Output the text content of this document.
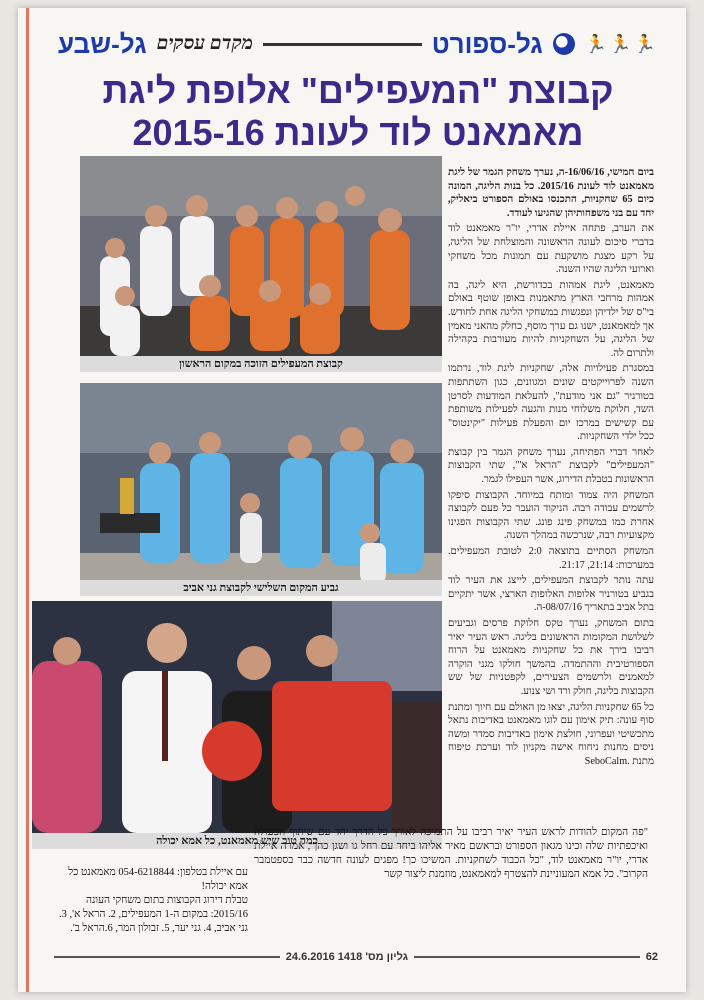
גל-שבע מקדם עסקים	גל-ספורט 🏃🏃🏃
קבוצת "המעפילים" אלופת ליגת
מאמאנט לוד לעונת 2015-16
קבוצת המעפילים הזוכה במקום הראשון
גביע המקום השלישי לקבוצת גני אביב
כמה טוב שיש מאמאנט, כל אמא יכולה

ביום חמישי, 16/06/16-ה, נערך משחק הגמר של ליגת מאמאנט לוד לעונת 2015/16. כל בנות הליגה, המונה כיום 65 שחקניות, התכנסו באולם הספורט ביאליק, יחד עם בני משפחותיהן שהגיעו לעודד.

את הערב, פתחה איילת אדרי, יו"ר מאמאנט לוד בדברי סיכום לעונה הראשונה והמוצלחת של הליגה, על רקע מצגת מושקעת עם תמונות מכל משחקי וארועי הליגה שהיו השנה.

מאמאנט, ליגת אמהות בכדורשת, היא ליגה, בה אמהות מרחבי הארץ מתאמנות באופן שוטף באולם בי"ס של ילדיהן ונפגשות במשחקי הליגה אחת לחודש. אך למאמאנט, ישנו גם ערך מוסף, כחלק מהאני מאמין של הליגה, על השחקניות להיות מעורבות בקהילה ולתרום לה.

במסגרת פעילויות אלה, שחקניות ליגת לוד, נרתמו השנה לפרוייקטים שונים ומגוונים, כגון השתתפות בטורניר "גם אני מודעת", להעלאת המודעות לסרטן השד, חלוקת משלוחי מנות והגעה לפעילות משותפת עם קשישים במרכז יום והפעלת פעילות "יקינטוס" ככל ילדי השחקניות.

לאחר דברי הפתיחה, נערך משחק הגמר בין קבוצת "המעפילים" לקבוצת "הראל א'", שתי הקבוצות הראשונות בטבלת הדירוג, אשר העפילו לגמר.

המשחק היה צמוד ומותח במיוחד. הקבוצות סיפקו לרשמים עבודה רבה. הניקוד הועבר כל פעם לקבוצה אחרת כמו במשחק פינג פונג. שתי הקבוצות הפגינו מקצועיות רבה, שנרכשה במהלך השנה.

המשחק הסתיים בתוצאה 2:0 לטובת המעפילים. במערכות: 21:14, 21:17.

עתה נותר לקבוצת המעפילים, לייצג את העיר לוד בגביע בטורניר אלופות האלופות הארצי, אשר יתקיים בתל אביב בתאריך 08/07/16-ה.

בתום המשחק, נערך טקס חלוקת פרסים וגביעים לשלושת המקומות הראשונים בליגה. ראש העיר יאיר רביבו בירך את כל שחקניות מאמאנט על הרוח הספורטיבית וההתמדה. בהמשך חולקו מגני הוקרה למאמנים ולרשמים הצעירים, לקפטניות של שש הקבוצות בליגה, חולק ורד ושי צנוע.

כל 65 שחקניות הליגה, יצאו מן האולם עם חיוך ומתנת סוף עונה: תיק אימון עם לוגו מאמאנט באדיבות נתאל מתכשיטי ועפרוני, חולצת אימון באדיבות סמדר ומשה ניסים מחנות ניחוח אישה מקניון לוד וערכת טיפוח מתנת SeboCalm.

"פה המקום להודות לראש העיר יאיר רביבו על התמיכה לאורך כל הדרך יחד עם שיתוף הפעולה ואיכפתיות שלה וכינו מגאון הספורט ובראשם מאיר אליהו ביחד עם רחל גו ושגן כהן", אמרה איילת אדרי, יו"ר מאמאנט לוד, "כל הכבוד לשחקניות. המשיכו כך! מפגים לעונה חדשה כבר בספטמבר הקרוב". כל אמא המעוניינת להצטרף למאמאנט, מוזמנת ליצור קשר
עם איילת בטלפון: 054-6218844 מאמאנט כל אמא יכולה!
טבלת דירוג הקבוצות בתום משחקי העונה 2015/16: במקום ה-1 המעפילים, 2. הראל א', 3. גני אביב, 4. גני יער, 5. זבולון המר, 6.הראל ב'.
גליון מס' 1418 24.6.2016	62
